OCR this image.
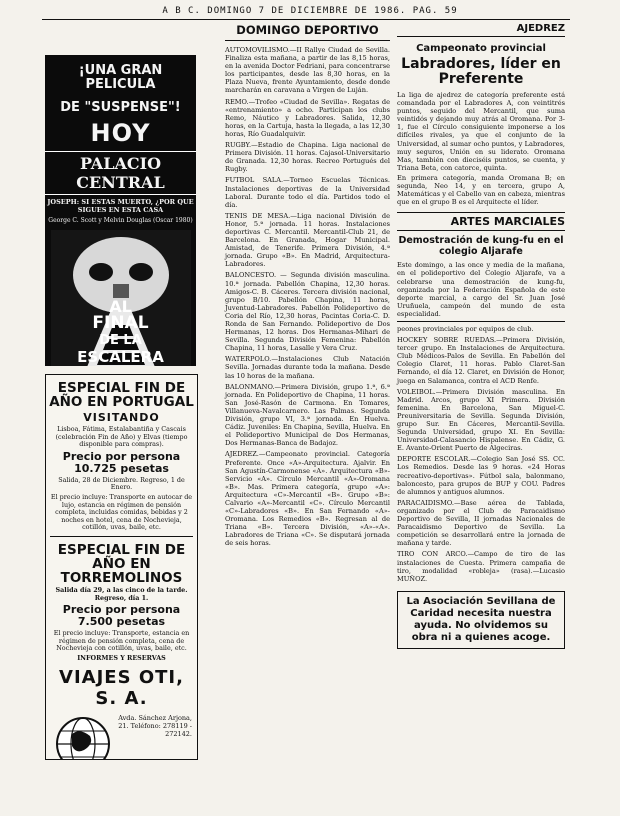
A B C. DOMINGO 7 DE DICIEMBRE DE 1986. PAG. 59
¡UNA GRAN PELICULA
DE "SUSPENSE"!
HOY
PALACIO CENTRAL
JOSEPH: SI ESTAS MUERTO, ¿POR QUE SIGUES EN ESTA CASA
George C. Scott y Melvin Douglas (Oscar 1980)
AL
FINAL
DE LA
ESCALERA
ESPECIAL FIN DE AÑO EN PORTUGAL
VISITANDO
Lisboa, Fátima, Estalabantiña y Cascais (celebración Fin de Año) y Elvas (tiempo disponible para compras).
Precio por persona 10.725 pesetas
Salida, 28 de Diciembre. Regreso, 1 de Enero.
El precio incluye: Transporte en autocar de lujo, estancia en régimen de pensión completa, incluidas comidas, bebidas y 2 noches en hotel, cena de Nochevieja, cotillón, uvas, baile, etc.
ESPECIAL FIN DE AÑO EN TORREMOLINOS
Salida día 29, a las cinco de la tarde. Regreso, día 1.
Precio por persona 7.500 pesetas
El precio incluye: Transporte, estancia en régimen de pensión completa, cena de Nochevieja con cotillón, uvas, baile, etc.
INFORMES Y RESERVAS
VIAJES OTI, S. A.
Avda. Sánchez Arjona, 21. Teléfono: 278119 - 272142.
DOMINGO DEPORTIVO

AUTOMOVILISMO.—II Rallye Ciudad de Sevilla. Finaliza esta mañana, a partir de las 8,15 horas, en la avenida Doctor Fedriani, para concentrarse los participantes, desde las 8,30 horas, en la Plaza Nueva, frente Ayuntamiento, desde donde marcharán en caravana a Virgen de Luján.

REMO.—Trofeo «Ciudad de Sevilla». Regatas de «entrenamiento» a ocho. Participan los clubs Remo, Náutico y Labradores. Salida, 12,30 horas, en la Cartuja, hasta la llegada, a las 12,30 horas, Río Guadalquivir.

RUGBY.—Estadio de Chapina. Liga nacional de Primera División. 11 horas. Cajasol-Universitario de Granada. 12,30 horas. Recreo Portugués del Rugby.

FUTBOL SALA.—Torneo Escuelas Técnicas. Instalaciones deportivas de la Universidad Laboral. Durante todo el día. Partidos todo el día.

TENIS DE MESA.—Liga nacional División de Honor, 5.ª jornada. 11 horas. Instalaciones deportivas C. Mercantil. Mercantil-Club 21, de Barcelona. En Granada, Hogar Municipal. Amistad, de Tenerife. Primera División, 4.ª jornada. Grupo «B». En Madrid, Arquitectura-Labradores.

BALONCESTO. — Segunda división masculina. 10.ª jornada. Pabellón Chapina, 12,30 horas. Amigos-C. B. Cáceres. Tercera división nacional, grupo B/10. Pabellón Chapina, 11 horas, Juventud-Labradores. Pabellón Polideportivo de Coria del Río, 12,30 horas, Pacintas Coria-C. D. Ronda de San Fernando. Polideportivo de Dos Hermanas, 12 horas. Dos Hermanas-Mihari de Sevilla. Segunda División Femenina: Pabellón Chapina, 11 horas, Lasalle y Vera Cruz.

WATERPOLO.—Instalaciones Club Natación Sevilla. Jornadas durante toda la mañana. Desde las 10 horas de la mañana.

BALONMANO.—Primera División, grupo 1.ª, 6.ª jornada. En Polideportivo de Chapina, 11 horas. San José-Rasón de Carmona. En Tomares, Villanueva-Navalcarnero. Las Palmas. Segunda División, grupo VI, 3.ª jornada. En Huelva. Cádiz. Juveniles: En Chapina, Sevilla, Huelva. En el Polideportivo Municipal de Dos Hermanas, Dos Hermanas-Banca de Badajoz.

AJEDREZ.—Campeonato provincial. Categoría Preferente. Once «A»-Arquitectura. Ajalvir. En San Agustín-Carmonense «A». Arquitectura «B»-Servicio «A». Círculo Mercantil «A»-Oromana «B». Mas. Primera categoría, grupo «A»: Arquitectura «C»-Mercantil «B». Grupo «B»: Calvario «A»-Mercantil «C». Círculo Mercantil «C»-Labradores «B». En San Fernando «A»-Oromana. Los Remedios «B». Regresan al de Triana «B». Tercera División, «A»-«A». Labradores de Triana «C». Se disputará jornada de seis horas.

AJEDREZ
Campeonato provincial
Labradores, líder en Preferente

La liga de ajedrez de categoría preferente está comandada por el Labradores A, con veintitrés puntos, seguido del Mercantil, que suma veintidós y dejando muy atrás al Oromana. Por 3-1, fue el Círculo consiguiente imponerse a los difíciles rivales, ya que el conjunto de la Universidad, al sumar ocho puntos, y Labradores, muy seguros, Unión en su liderato. Oromana Mas, también con dieciséis puntos, se cuenta, y Triana Beta, con catorce, quinta.

En primera categoría, manda Oromana B; en segunda, Neo 14, y en tercera, grupo A, Matemáticas y el Cabello van en cabeza, mientras que en el grupo B es el Arquitecte el líder.

ARTES MARCIALES
Demostración de kung-fu en el colegio Aljarafe

Este domingo, a las once y media de la mañana, en el polideportivo del Colegio Aljarafe, va a celebrarse una demostración de kung-fu, organizada por la Federación Española de este deporte marcial, a cargo del Sr. Juan José Uruñuela, campeón del mundo de esta especialidad.

peones provinciales por equipos de club.

HOCKEY SOBRE RUEDAS.—Primera División, tercer grupo. En Instalaciones de Arquitectura. Club Médicos-Palos de Sevilla. En Pabellón del Colegio Claret, 11 horas. Pablo Claret-San Fernando, el día 12. Claret, en División de Honor, juega en Salamanca, contra el ACD Renfe.

VOLEIBOL.—Primera División masculina. En Madrid. Arcos, grupo XI Primera. División femenina. En Barcelona, San Miguel-C. Preuniversitaria de Sevilla. Segunda División, grupo Sur. En Cáceres, Mercantil-Sevilla. Segunda Universidad, grupo XI. En Sevilla: Universidad-Calasancio Hispalense. En Cádiz, G. E. Avante-Orient Puerto de Algeciras.

DEPORTE ESCOLAR.—Colegio San José SS. CC. Los Remedios. Desde las 9 horas. «24 Horas recreativo-deportivas». Fútbol sala, balonmano, baloncesto, para grupos de BUP y COU. Padres de alumnos y antiguos alumnos.

PARACAIDISMO.—Base aérea de Tablada, organizado por el Club de Paracaidismo Deportivo de Sevilla, II jornadas Nacionales de Paracaidismo Deportivo de Sevilla. La competición se desarrollará entre la jornada de mañana y tarde.

TIRO CON ARCO.—Campo de tiro de las instalaciones de Cuesta. Primera campaña de tiro, modalidad «robleja» (rasa).—Lucasio MUÑOZ.

La Asociación Sevillana de Caridad necesita nuestra ayuda. No olvidemos su obra ni a quienes acoge.
